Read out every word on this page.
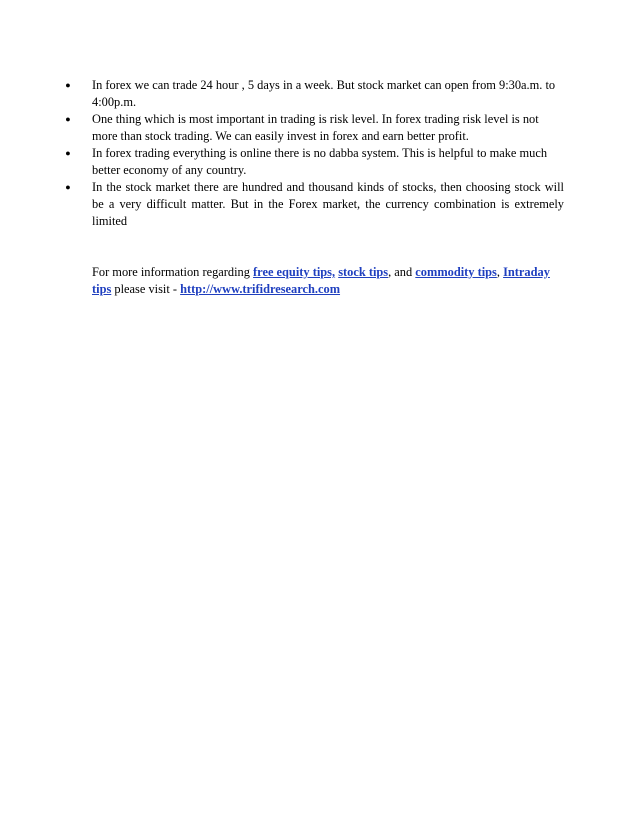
● In forex we can trade 24 hour , 5 days in a week. But stock market can open from 9:30a.m. to 4:00p.m.
● One thing which is most important in trading is risk level. In forex trading risk level is not more than stock trading. We can easily invest in forex and earn better profit.
● In forex trading everything is online there is no dabba system. This is helpful to make much better economy of any country.
● In the stock market there are hundred and thousand kinds of stocks, then choosing stock will be a very difficult matter. But in the Forex market, the currency combination is extremely limited

For more information regarding free equity tips, stock tips, and commodity tips, Intraday tips please visit - http://www.trifidresearch.com
